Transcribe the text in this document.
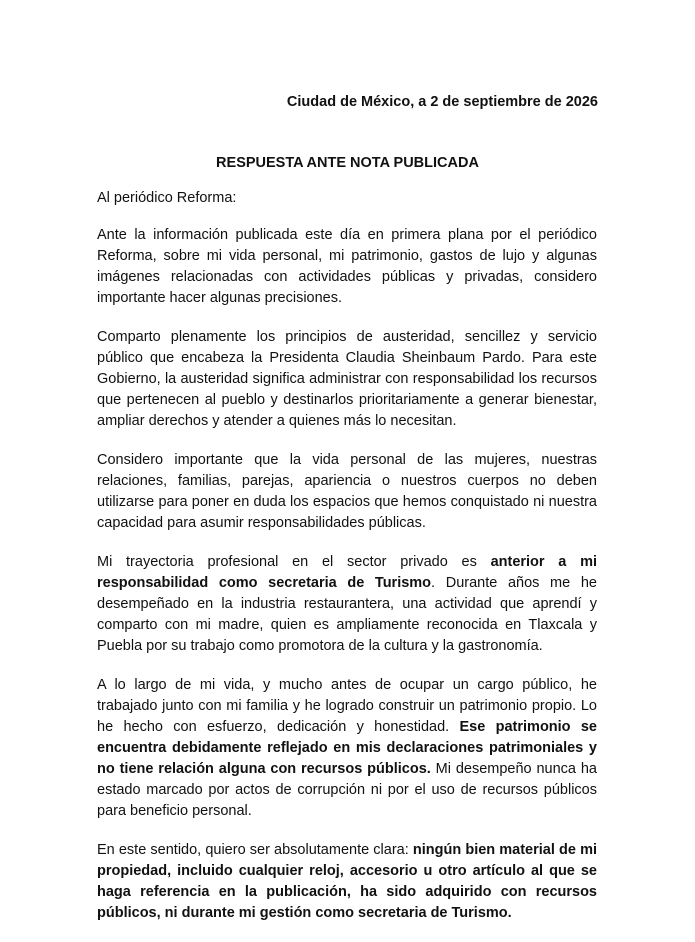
Ciudad de México, a 2 de septiembre de 2026
RESPUESTA ANTE NOTA PUBLICADA
Al periódico Reforma:

Ante la información publicada este día en primera plana por el periódico Reforma, sobre mi vida personal, mi patrimonio, gastos de lujo y algunas imágenes relacionadas con actividades públicas y privadas, considero importante hacer algunas precisiones.

Comparto plenamente los principios de austeridad, sencillez y servicio público que encabeza la Presidenta Claudia Sheinbaum Pardo. Para este Gobierno, la austeridad significa administrar con responsabilidad los recursos que pertenecen al pueblo y destinarlos prioritariamente a generar bienestar, ampliar derechos y atender a quienes más lo necesitan.

Considero importante que la vida personal de las mujeres, nuestras relaciones, familias, parejas, apariencia o nuestros cuerpos no deben utilizarse para poner en duda los espacios que hemos conquistado ni nuestra capacidad para asumir responsabilidades públicas.

Mi trayectoria profesional en el sector privado es anterior a mi responsabilidad como secretaria de Turismo. Durante años me he desempeñado en la industria restaurantera, una actividad que aprendí y comparto con mi madre, quien es ampliamente reconocida en Tlaxcala y Puebla por su trabajo como promotora de la cultura y la gastronomía.

A lo largo de mi vida, y mucho antes de ocupar un cargo público, he trabajado junto con mi familia y he logrado construir un patrimonio propio. Lo he hecho con esfuerzo, dedicación y honestidad. Ese patrimonio se encuentra debidamente reflejado en mis declaraciones patrimoniales y no tiene relación alguna con recursos públicos. Mi desempeño nunca ha estado marcado por actos de corrupción ni por el uso de recursos públicos para beneficio personal.

En este sentido, quiero ser absolutamente clara: ningún bien material de mi propiedad, incluido cualquier reloj, accesorio u otro artículo al que se haga referencia en la publicación, ha sido adquirido con recursos públicos, ni durante mi gestión como secretaria de Turismo.
